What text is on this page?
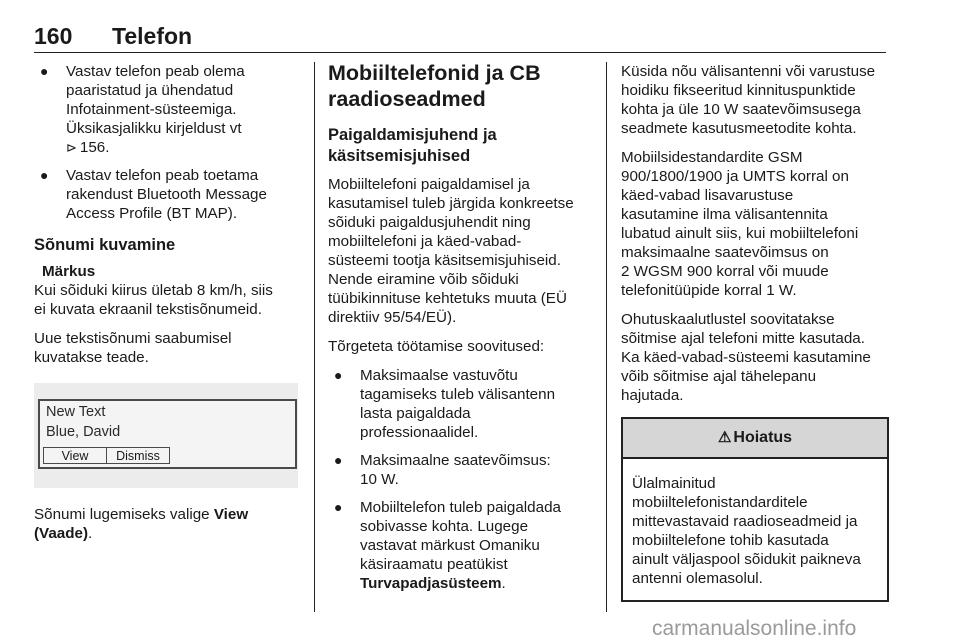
160 Telefon
● Vastav telefon peab olema
paaristatud ja ühendatud
Infotainment-süsteemiga.
Üksikasjalikku kirjeldust vt
⊳ 156.
● Vastav telefon peab toetama
rakendust Bluetooth Message
Access Profile (BT MAP).
Sõnumi kuvamine
Märkus
Kui sõiduki kiirus ületab 8 km/h, siis
ei kuvata ekraanil tekstisõnumeid.

Uue tekstisõnumi saabumisel
kuvatakse teade.

New Text
Blue, David
View	Dismiss

Sõnumi lugemiseks valige View
(Vaade).

Mobiiltelefonid ja CB
raadioseadmed
Paigaldamisjuhend ja
käsitsemisjuhised

Mobiiltelefoni paigaldamisel ja
kasutamisel tuleb järgida konkreetse
sõiduki paigaldusjuhendit ning
mobiiltelefoni ja käed-vabad-
süsteemi tootja käsitsemisjuhiseid.
Nende eiramine võib sõiduki
tüübikinnituse kehtetuks muuta (EÜ
direktiiv 95/54/EÜ).

Tõrgeteta töötamise soovitused:

● Maksimaalse vastuvõtu
tagamiseks tuleb välisantenn
lasta paigaldada
professionaalidel.
● Maksimaalne saatevõimsus:
10 W.
● Mobiiltelefon tuleb paigaldada
sobivasse kohta. Lugege
vastavat märkust Omaniku
käsiraamatu peatükist
Turvapadjasüsteem.

Küsida nõu välisantenni või varustuse
hoidiku fikseeritud kinnituspunktide
kohta ja üle 10 W saatevõimsusega
seadmete kasutusmeetodite kohta.

Mobiilsidestandardite GSM
900/1800/1900 ja UMTS korral on
käed-vabad lisavarustuse
kasutamine ilma välisantennita
lubatud ainult siis, kui mobiiltelefoni
maksimaalne saatevõimsus on
2 WGSM 900 korral või muude
telefonitüüpide korral 1 W.

Ohutuskaalutlustel soovitatakse
sõitmise ajal telefoni mitte kasutada.
Ka käed-vabad-süsteemi kasutamine
võib sõitmise ajal tähelepanu
hajutada.

⚠ Hoiatus
Ülalmainitud
mobiiltelefonistandarditele
mittevastavaid raadioseadmeid ja
mobiiltelefone tohib kasutada
ainult väljaspool sõidukit paikneva
antenni olemasolul.
carmanualsonline.info
